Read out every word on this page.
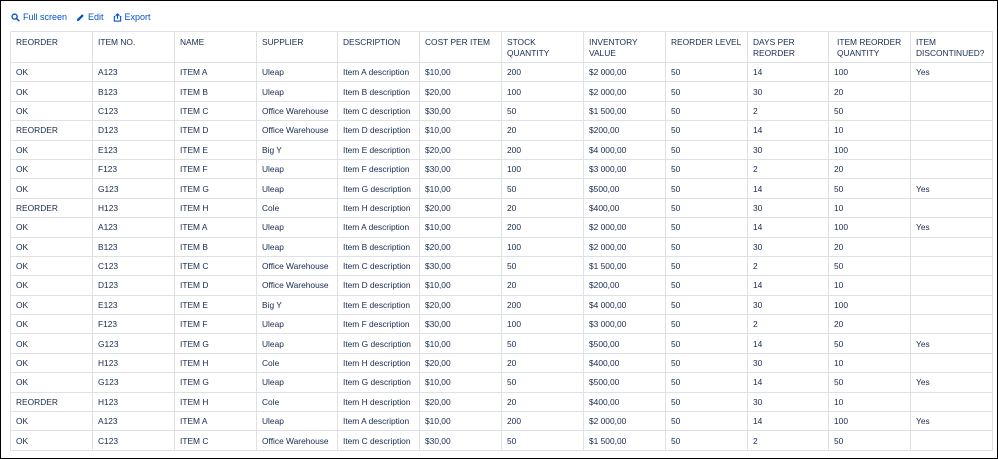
Full screen Edit Export
REORDER	ITEM NO.	NAME	SUPPLIER	DESCRIPTION	COST PER ITEM	STOCK QUANTITY	INVENTORY VALUE	REORDER LEVEL	DAYS PER REORDER	ITEM REORDER QUANTITY	ITEM DISCONTINUED?
OK	A123	ITEM A	Uleap	Item A description	$10,00	200	$2 000,00	50	14	100	Yes
OK	B123	ITEM B	Uleap	Item B description	$20,00	100	$2 000,00	50	30	20	
OK	C123	ITEM C	Office Warehouse	Item C description	$30,00	50	$1 500,00	50	2	50	
REORDER	D123	ITEM D	Office Warehouse	Item D description	$10,00	20	$200,00	50	14	10	
OK	E123	ITEM E	Big Y	Item E description	$20,00	200	$4 000,00	50	30	100	
OK	F123	ITEM F	Uleap	Item F description	$30,00	100	$3 000,00	50	2	20	
OK	G123	ITEM G	Uleap	Item G description	$10,00	50	$500,00	50	14	50	Yes
REORDER	H123	ITEM H	Cole	Item H description	$20,00	20	$400,00	50	30	10	
OK	A123	ITEM A	Uleap	Item A description	$10,00	200	$2 000,00	50	14	100	Yes
OK	B123	ITEM B	Uleap	Item B description	$20,00	100	$2 000,00	50	30	20	
OK	C123	ITEM C	Office Warehouse	Item C description	$30,00	50	$1 500,00	50	2	50	
OK	D123	ITEM D	Office Warehouse	Item D description	$10,00	20	$200,00	50	14	10	
OK	E123	ITEM E	Big Y	Item E description	$20,00	200	$4 000,00	50	30	100	
OK	F123	ITEM F	Uleap	Item F description	$30,00	100	$3 000,00	50	2	20	
OK	G123	ITEM G	Uleap	Item G description	$10,00	50	$500,00	50	14	50	Yes
OK	H123	ITEM H	Cole	Item H description	$20,00	20	$400,00	50	30	10	
OK	G123	ITEM G	Uleap	Item G description	$10,00	50	$500,00	50	14	50	Yes
REORDER	H123	ITEM H	Cole	Item H description	$20,00	20	$400,00	50	30	10	
OK	A123	ITEM A	Uleap	Item A description	$10,00	200	$2 000,00	50	14	100	Yes
OK	C123	ITEM C	Office Warehouse	Item C description	$30,00	50	$1 500,00	50	2	50	
